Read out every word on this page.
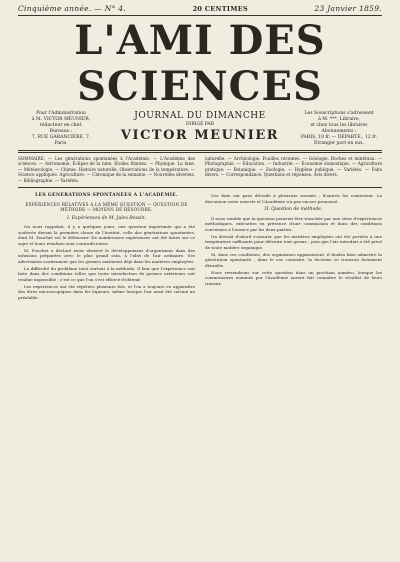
Cinquième année. — N° 4.	20 CENTIMES	23 Janvier 1859.
L'AMI DES SCIENCES
Pour l'Administration
à M. VICTOR MEUNIER,
rédacteur en chef.
Bureaux :
7, RUE GARANCIÈRE, 7,
Paris.
JOURNAL DU DIMANCHE
DIRIGÉ PAR
VICTOR MEUNIER
Les Souscriptions s'adressent
à M. ***, Libraire,
et chez tous les libraires
Abonnements :
PARIS, 10 fr. — DÉPARTE., 12 fr.
Étranger port en sus.

SOMMAIRE. — Les générations spontanées à l'Académie. — L'Académie des sciences. — Astronomie. Éclipse de la lune. Etoiles filantes. — Physique. La lune. — Météorologie. — Chimie. Histoire naturelle. Observations de la température. — Science appliquée. Agriculture. — Chronique de la semaine. — Nouvelles diverses. — Bibliographie. — Variétés.

naturelle. — Archéologie. Fouilles récentes. — Géologie. Roches et minéraux. — Photographie. — Éducation. — Industrie. — Économie domestique. — Agriculture pratique. — Botanique. — Zoologie. — Hygiène publique. — Variétés. — Faits divers. — Correspondance. Questions et réponses. Avis divers.

LES GÉNÉRATIONS SPONTANÉES A L'ACADÉMIE.
EXPÉRIENCES RELATIVES A LA MÊME QUESTION — QUESTION DE MÉTHODE — MOYENS DE RÉSOUDRE.
I. Expériences de M. Jules Bessin.

On nous rappelait, il y a quelques jours, une question importante qui a été soulevée devant la première classe de l'Institut, celle des générations spontanées, dont M. Pouchet est le défenseur. De nombreuses expériences ont été faites sur ce sujet et leurs résultats sont contradictoires.

M. Pouchet a déclaré avoir observé le développement d'organismes dans des infusions préparées avec le plus grand soin, à l'abri de l'air ordinaire. Ses adversaires soutiennent que les germes existaient déjà dans les matières employées.

La difficulté du problème tient surtout à la méthode. Il faut que l'expérience soit faite dans des conditions telles que toute introduction de germes extérieurs soit rendue impossible ; c'est ce que l'on s'est efforcé d'obtenir.

Les expériences ont été répétées plusieurs fois, et l'on a toujours vu apparaître des êtres microscopiques dans les liqueurs, même lorsque l'air avait été calciné au préalable.

Ces faits ont paru décisifs à plusieurs savants ; d'autres les contestent. La discussion reste ouverte et l'Académie n'a pas encore prononcé.

II. Question de méthode.

Il nous semble que la question pourrait être tranchée par une série d'expériences méthodiques, exécutées en présence d'une commission et dans des conditions convenues à l'avance par les deux parties.

On devrait d'abord s'assurer que les matières employées ont été portées à une température suffisante pour détruire tout germe ; puis que l'air introduit a été privé de toute matière organique.

Si, dans ces conditions, des organismes apparaissent, il faudra bien admettre la génération spontanée ; dans le cas contraire, la doctrine se trouvera fortement ébranlée.

Nous reviendrons sur cette question dans un prochain numéro, lorsque les commissaires nommés par l'Académie auront fait connaître le résultat de leurs travaux.
